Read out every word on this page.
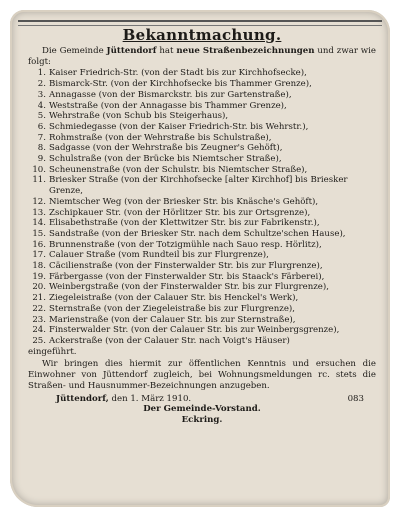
Bekanntmachung.

Die Gemeinde Jüttendorf hat neue Straßenbezeichnungen und zwar wie folgt:

1. Kaiser Friedrich-Str. (von der Stadt bis zur Kirchhofsecke),
2. Bismarck-Str. (von der Kirchhofsecke bis Thammer Grenze),
3. Annagasse (von der Bismarckstr. bis zur Gartenstraße),
4. Weststraße (von der Annagasse bis Thammer Grenze),
5. Wehrstraße (von Schub bis Steigerhaus),
6. Schmiedegasse (von der Kaiser Friedrich-Str. bis Wehrstr.),
7. Rohmstraße (von der Wehrstraße bis Schulstraße),
8. Sadgasse (von der Wehrstraße bis Zeugner's Gehöft),
9. Schulstraße (von der Brücke bis Niemtscher Straße),
10. Scheunenstraße (von der Schulstr. bis Niemtscher Straße),
11. Briesker Straße (von der Kirchhofsecke [alter Kirchhof] bis Briesker Grenze,
12. Niemtscher Weg (von der Briesker Str. bis Knäsche's Gehöft),
13. Zschipkauer Str. (von der Hörlitzer Str. bis zur Ortsgrenze),
14. Elisabethstraße (von der Klettwitzer Str. bis zur Fabrikenstr.),
15. Sandstraße (von der Briesker Str. nach dem Schultze'schen Hause),
16. Brunnenstraße (von der Totzigmühle nach Sauo resp. Hörlitz),
17. Calauer Straße (vom Rundteil bis zur Flurgrenze),
18. Cäcilienstraße (von der Finsterwalder Str. bis zur Flurgrenze),
19. Färbergasse (von der Finsterwalder Str. bis Staack's Färberei),
20. Weinbergstraße (von der Finsterwalder Str. bis zur Flurgrenze),
21. Ziegeleistraße (von der Calauer Str. bis Henckel's Werk),
22. Sternstraße (von der Ziegeleistraße bis zur Flurgrenze),
23. Marienstraße (von der Calauer Str. bis zur Sternstraße),
24. Finsterwalder Str. (von der Calauer Str. bis zur Weinbergsgrenze),
25. Ackerstraße (von der Calauer Str. nach Voigt's Häuser)
eingeführt.

Wir bringen dies hiermit zur öffentlichen Kenntnis und ersuchen die Einwohner von Jüttendorf zugleich, bei Wohnungsmeldungen rc. stets die Straßen- und Hausnummer-Bezeichnungen anzugeben.

Jüttendorf, den 1. März 1910.	083
Der Gemeinde-Vorstand.
Eckring.
